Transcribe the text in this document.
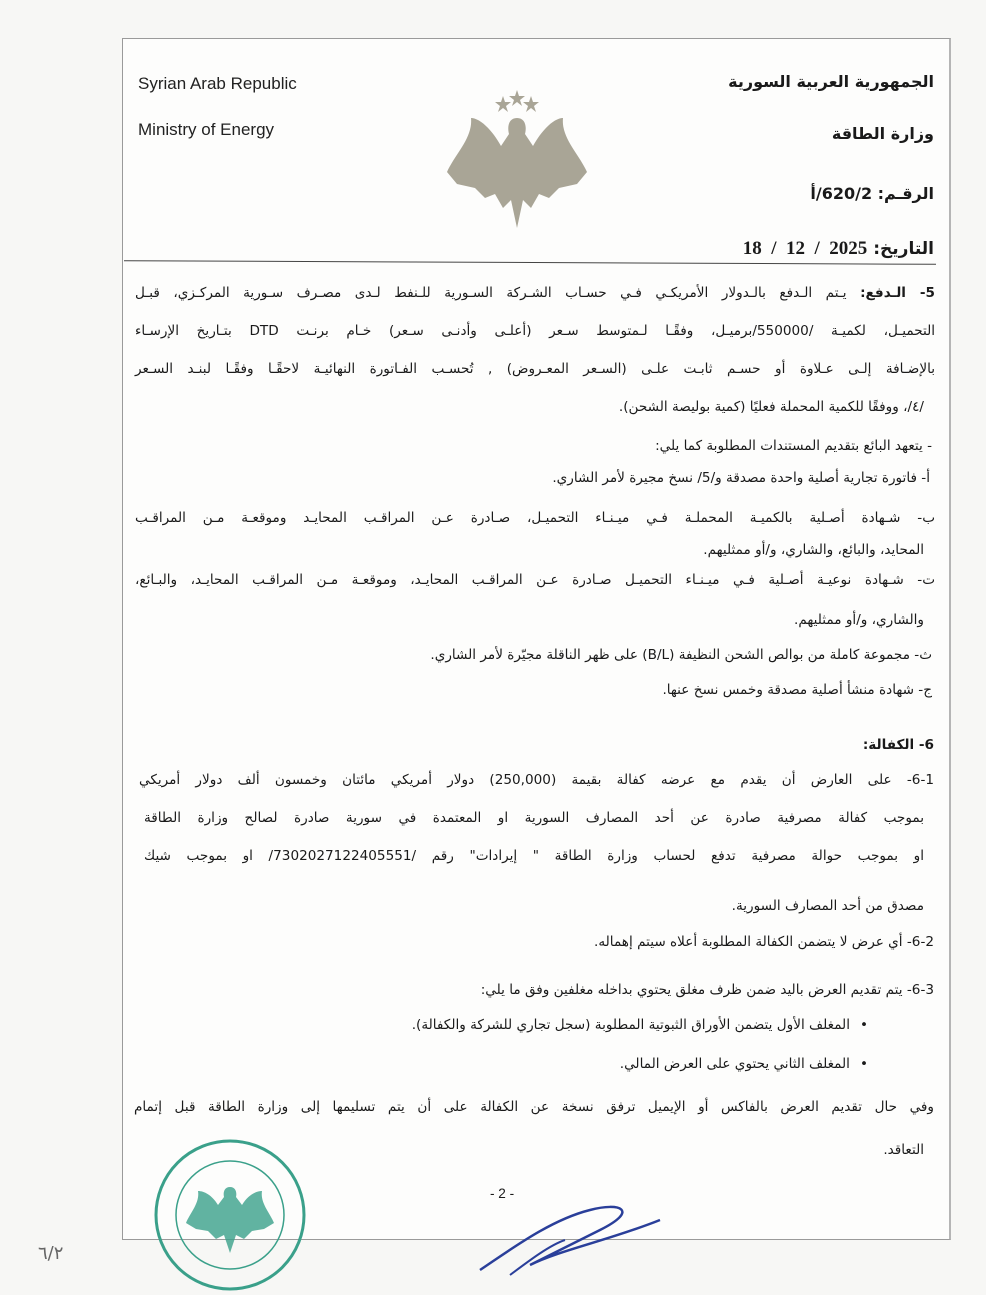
Syrian Arab Republic
Ministry of Energy
الجمهورية العربية السورية
وزارة الطاقة
الرقـم: 620/2/أ
التاريخ: 18  /  12  /  2025
5- الـدفع: يـتم الـدفع بالـدولار الأمريكـي فـي حسـاب الشـركة السـورية للـنفط لـدى مصـرف سـورية المركـزي، قبـل
التحميـل، لكميـة /550000/برميـل، وفقًـا لـمتوسط سـعر (أعلـى وأدنـى سـعر) خـام برنـت DTD بتـاريخ الإرسـاء
بالإضـافة إلـى عـلاوة أو حسـم ثابـت علـى (السـعر المعـروض) , تُحسـب الفـاتورة النهائيـة لاحقًـا وفقًـا لبنـد السـعر
/٤/، ووفقًا للكمية المحملة فعليًا (كمية بوليصة الشحن).
- يتعهد البائع بتقديم المستندات المطلوبة كما يلي:
أ- فاتورة تجارية أصلية واحدة مصدقة و/5/ نسخ مجيرة لأمر الشاري.
ب- شـهادة أصـلية بالكميـة المحملـة فـي ميـنـاء التحميـل، صـادرة عـن المراقـب المحايـد وموقعـة مـن المراقـب
المحايد، والبائع، والشاري، و/أو ممثليهم.
ت- شـهادة نوعيـة أصـلية فـي ميـنـاء التحميـل صـادرة عـن المراقـب المحايـد، وموقعـة مـن المراقـب المحايـد، والبـائع،
والشاري، و/أو ممثليهم.
ث- مجموعة كاملة من بوالص الشحن النظيفة (B/L) على ظهر الناقلة مجيّرة لأمر الشاري.
ج- شهادة منشأ أصلية مصدقة وخمس نسخ عنها.
6- الكفالة:
6-1- على العارض أن يقدم مع عرضه كفالة بقيمة (250,000) دولار أمريكي مائتان وخمسون ألف دولار أمريكي
بموجب كفالة مصرفية صادرة عن أحد المصارف السورية او المعتمدة في سورية صادرة لصالح وزارة الطاقة
او بموجب حوالة مصرفية تدفع لحساب وزارة الطاقة " إيرادات" رقم /7302027122405551/ او بموجب شيك
مصدق من أحد المصارف السورية.
6-2- أي عرض لا يتضمن الكفالة المطلوبة أعلاه سيتم إهماله.
6-3- يتم تقديم العرض باليد ضمن ظرف مغلق يحتوي بداخله مغلفين وفق ما يلي:
•المغلف الأول يتضمن الأوراق الثبوتية المطلوبة (سجل تجاري للشركة والكفالة).
•المغلف الثاني يحتوي على العرض المالي.
وفي حال تقديم العرض بالفاكس أو الإيميل ترفق نسخة عن الكفالة على أن يتم تسليمها إلى وزارة الطاقة قبل إتمام
التعاقد.
- 2 -
٦/٢
